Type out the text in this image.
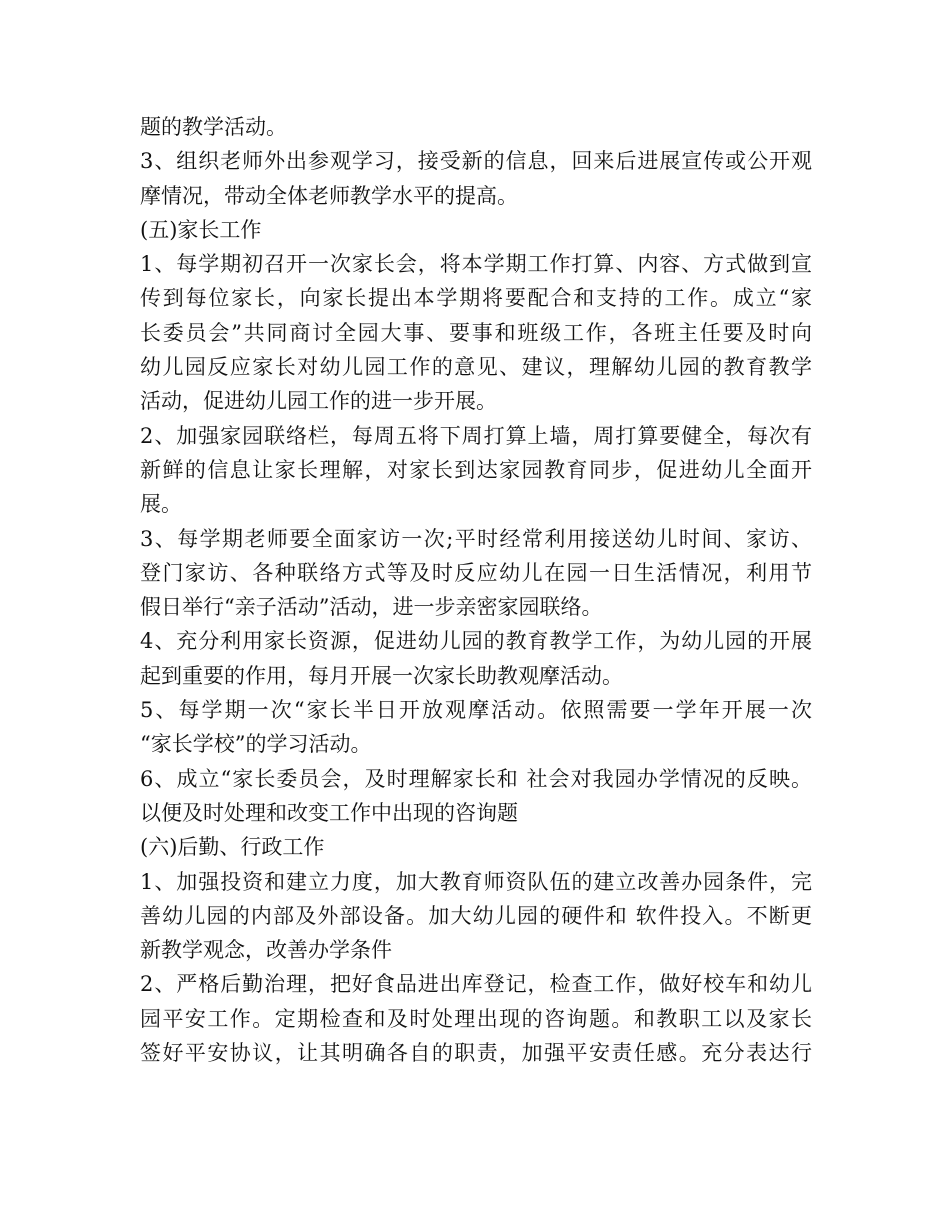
题的教学活动。
3、组织老师外出参观学习，接受新的信息，回来后进展宣传或公开观
摩情况，带动全体老师教学水平的提高。
(五)家长工作
1、每学期初召开一次家长会，将本学期工作打算、内容、方式做到宣
传到每位家长，向家长提出本学期将要配合和支持的工作。成立“家
长委员会”共同商讨全园大事、要事和班级工作，各班主任要及时向
幼儿园反应家长对幼儿园工作的意见、建议，理解幼儿园的教育教学
活动，促进幼儿园工作的进一步开展。
2、加强家园联络栏，每周五将下周打算上墙，周打算要健全，每次有
新鲜的信息让家长理解，对家长到达家园教育同步，促进幼儿全面开
展。
3、每学期老师要全面家访一次;平时经常利用接送幼儿时间、家访、
登门家访、各种联络方式等及时反应幼儿在园一日生活情况，利用节
假日举行“亲子活动”活动，进一步亲密家园联络。
4、充分利用家长资源，促进幼儿园的教育教学工作，为幼儿园的开展
起到重要的作用，每月开展一次家长助教观摩活动。
5、每学期一次“家长半日开放观摩活动。依照需要一学年开展一次
“家长学校”的学习活动。
6、成立“家长委员会，及时理解家长和 社会对我园办学情况的反映。
以便及时处理和改变工作中出现的咨询题
(六)后勤、行政工作
1、加强投资和建立力度，加大教育师资队伍的建立改善办园条件，完
善幼儿园的内部及外部设备。加大幼儿园的硬件和 软件投入。不断更
新教学观念，改善办学条件
2、严格后勤治理，把好食品进出库登记，检查工作，做好校车和幼儿
园平安工作。定期检查和及时处理出现的咨询题。和教职工以及家长
签好平安协议，让其明确各自的职责，加强平安责任感。充分表达行
